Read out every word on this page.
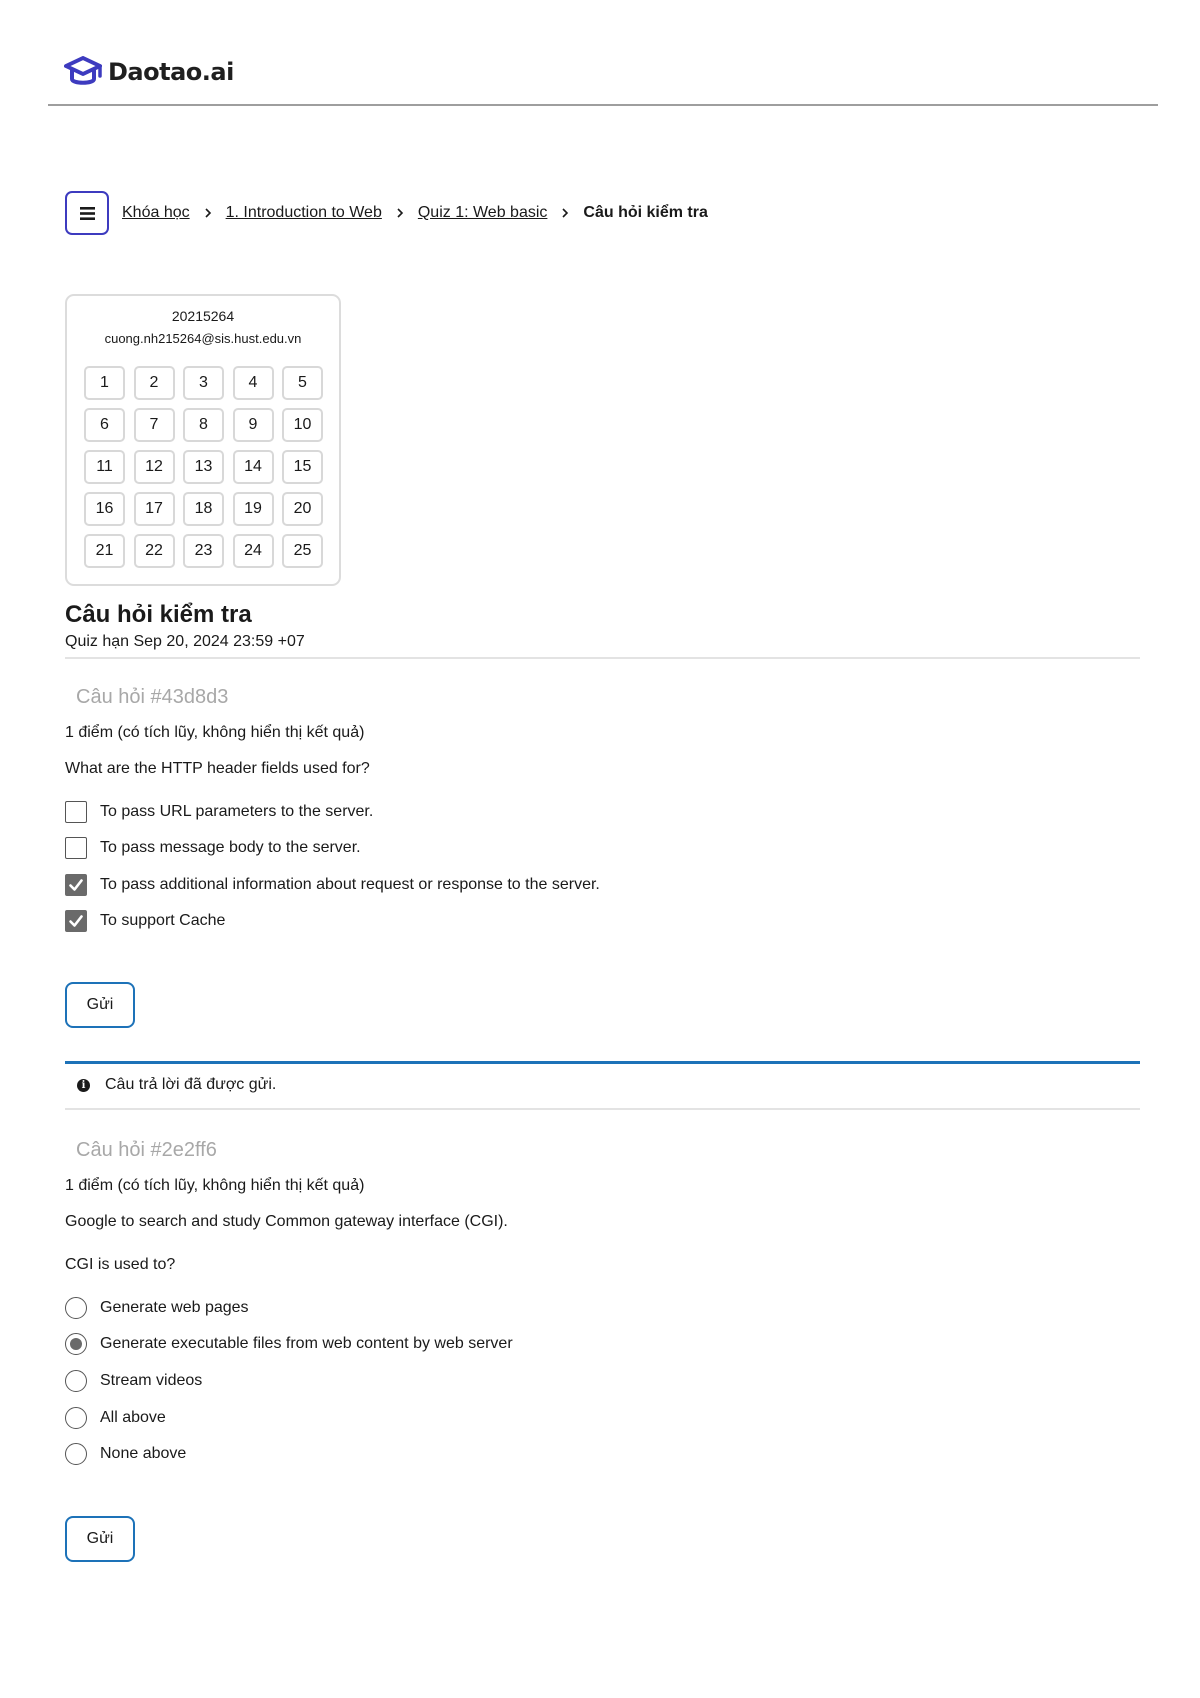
Daotao.ai
Khóa học 1. Introduction to Web Quiz 1: Web basic Câu hỏi kiểm tra
20215264
cuong.nh215264@sis.hust.edu.vn
1	2	3	4	5
6	7	8	9	10
11	12	13	14	15
16	17	18	19	20
21	22	23	24	25
Câu hỏi kiểm tra
Quiz hạn Sep 20, 2024 23:59 +07
Câu hỏi #43d8d3
1 điểm (có tích lũy, không hiển thị kết quả)
What are the HTTP header fields used for?
To pass URL parameters to the server.
To pass message body to the server.
To pass additional information about request or response to the server.
To support Cache
Gửi
i Câu trả lời đã được gửi.
Câu hỏi #2e2ff6
1 điểm (có tích lũy, không hiển thị kết quả)
Google to search and study Common gateway interface (CGI).
CGI is used to?
Generate web pages
Generate executable files from web content by web server
Stream videos
All above
None above
Gửi
